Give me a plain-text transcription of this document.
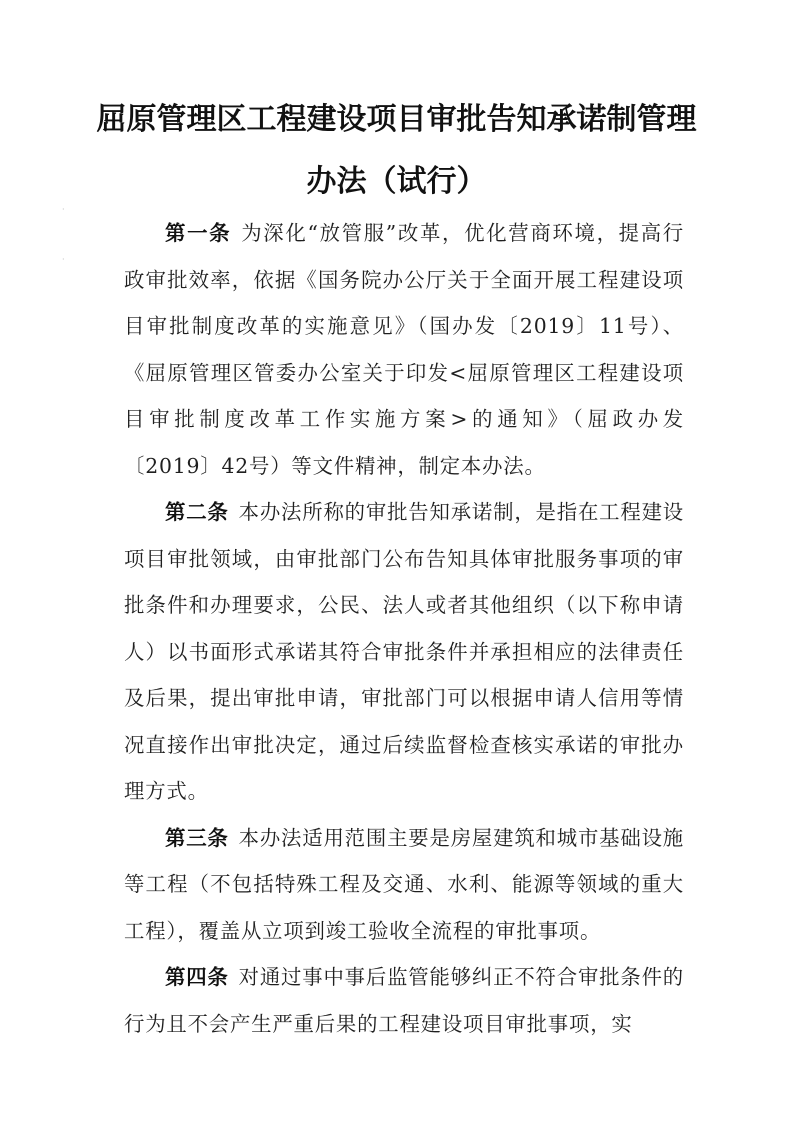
屈原管理区工程建设项目审批告知承诺制管理
办法（试行）
·
·

第一条 为深化“放管服”改革，优化营商环境，提高行政审批效率，依据《国务院办公厅关于全面开展工程建设项目审批制度改革的实施意见》（国办发〔2019〕11号）、《屈原管理区管委办公室关于印发<屈原管理区工程建设项目审批制度改革工作实施方案>的通知》（屈政办发〔2019〕42号）等文件精神，制定本办法。

第二条 本办法所称的审批告知承诺制，是指在工程建设项目审批领域，由审批部门公布告知具体审批服务事项的审批条件和办理要求，公民、法人或者其他组织（以下称申请人）以书面形式承诺其符合审批条件并承担相应的法律责任及后果，提出审批申请，审批部门可以根据申请人信用等情况直接作出审批决定，通过后续监督检查核实承诺的审批办理方式。

第三条 本办法适用范围主要是房屋建筑和城市基础设施等工程（不包括特殊工程及交通、水利、能源等领域的重大工程），覆盖从立项到竣工验收全流程的审批事项。

第四条 对通过事中事后监管能够纠正不符合审批条件的行为且不会产生严重后果的工程建设项目审批事项，实
